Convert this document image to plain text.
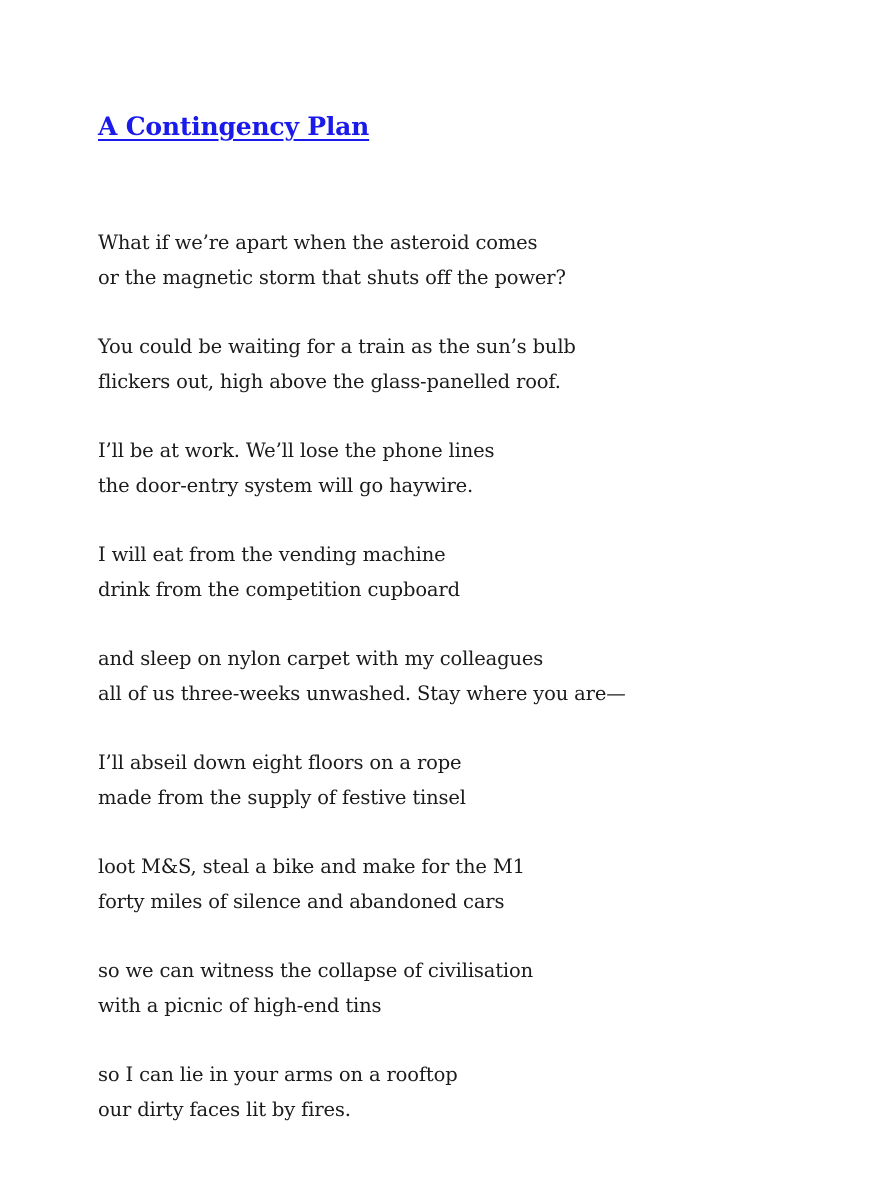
A Contingency Plan
What if we’re apart when the asteroid comes
or the magnetic storm that shuts off the power?
You could be waiting for a train as the sun’s bulb
flickers out, high above the glass-panelled roof.
I’ll be at work. We’ll lose the phone lines
the door-entry system will go haywire.
I will eat from the vending machine
drink from the competition cupboard
and sleep on nylon carpet with my colleagues
all of us three-weeks unwashed. Stay where you are—
I’ll abseil down eight floors on a rope
made from the supply of festive tinsel
loot M&S, steal a bike and make for the M1
forty miles of silence and abandoned cars
so we can witness the collapse of civilisation
with a picnic of high-end tins
so I can lie in your arms on a rooftop
our dirty faces lit by fires.
